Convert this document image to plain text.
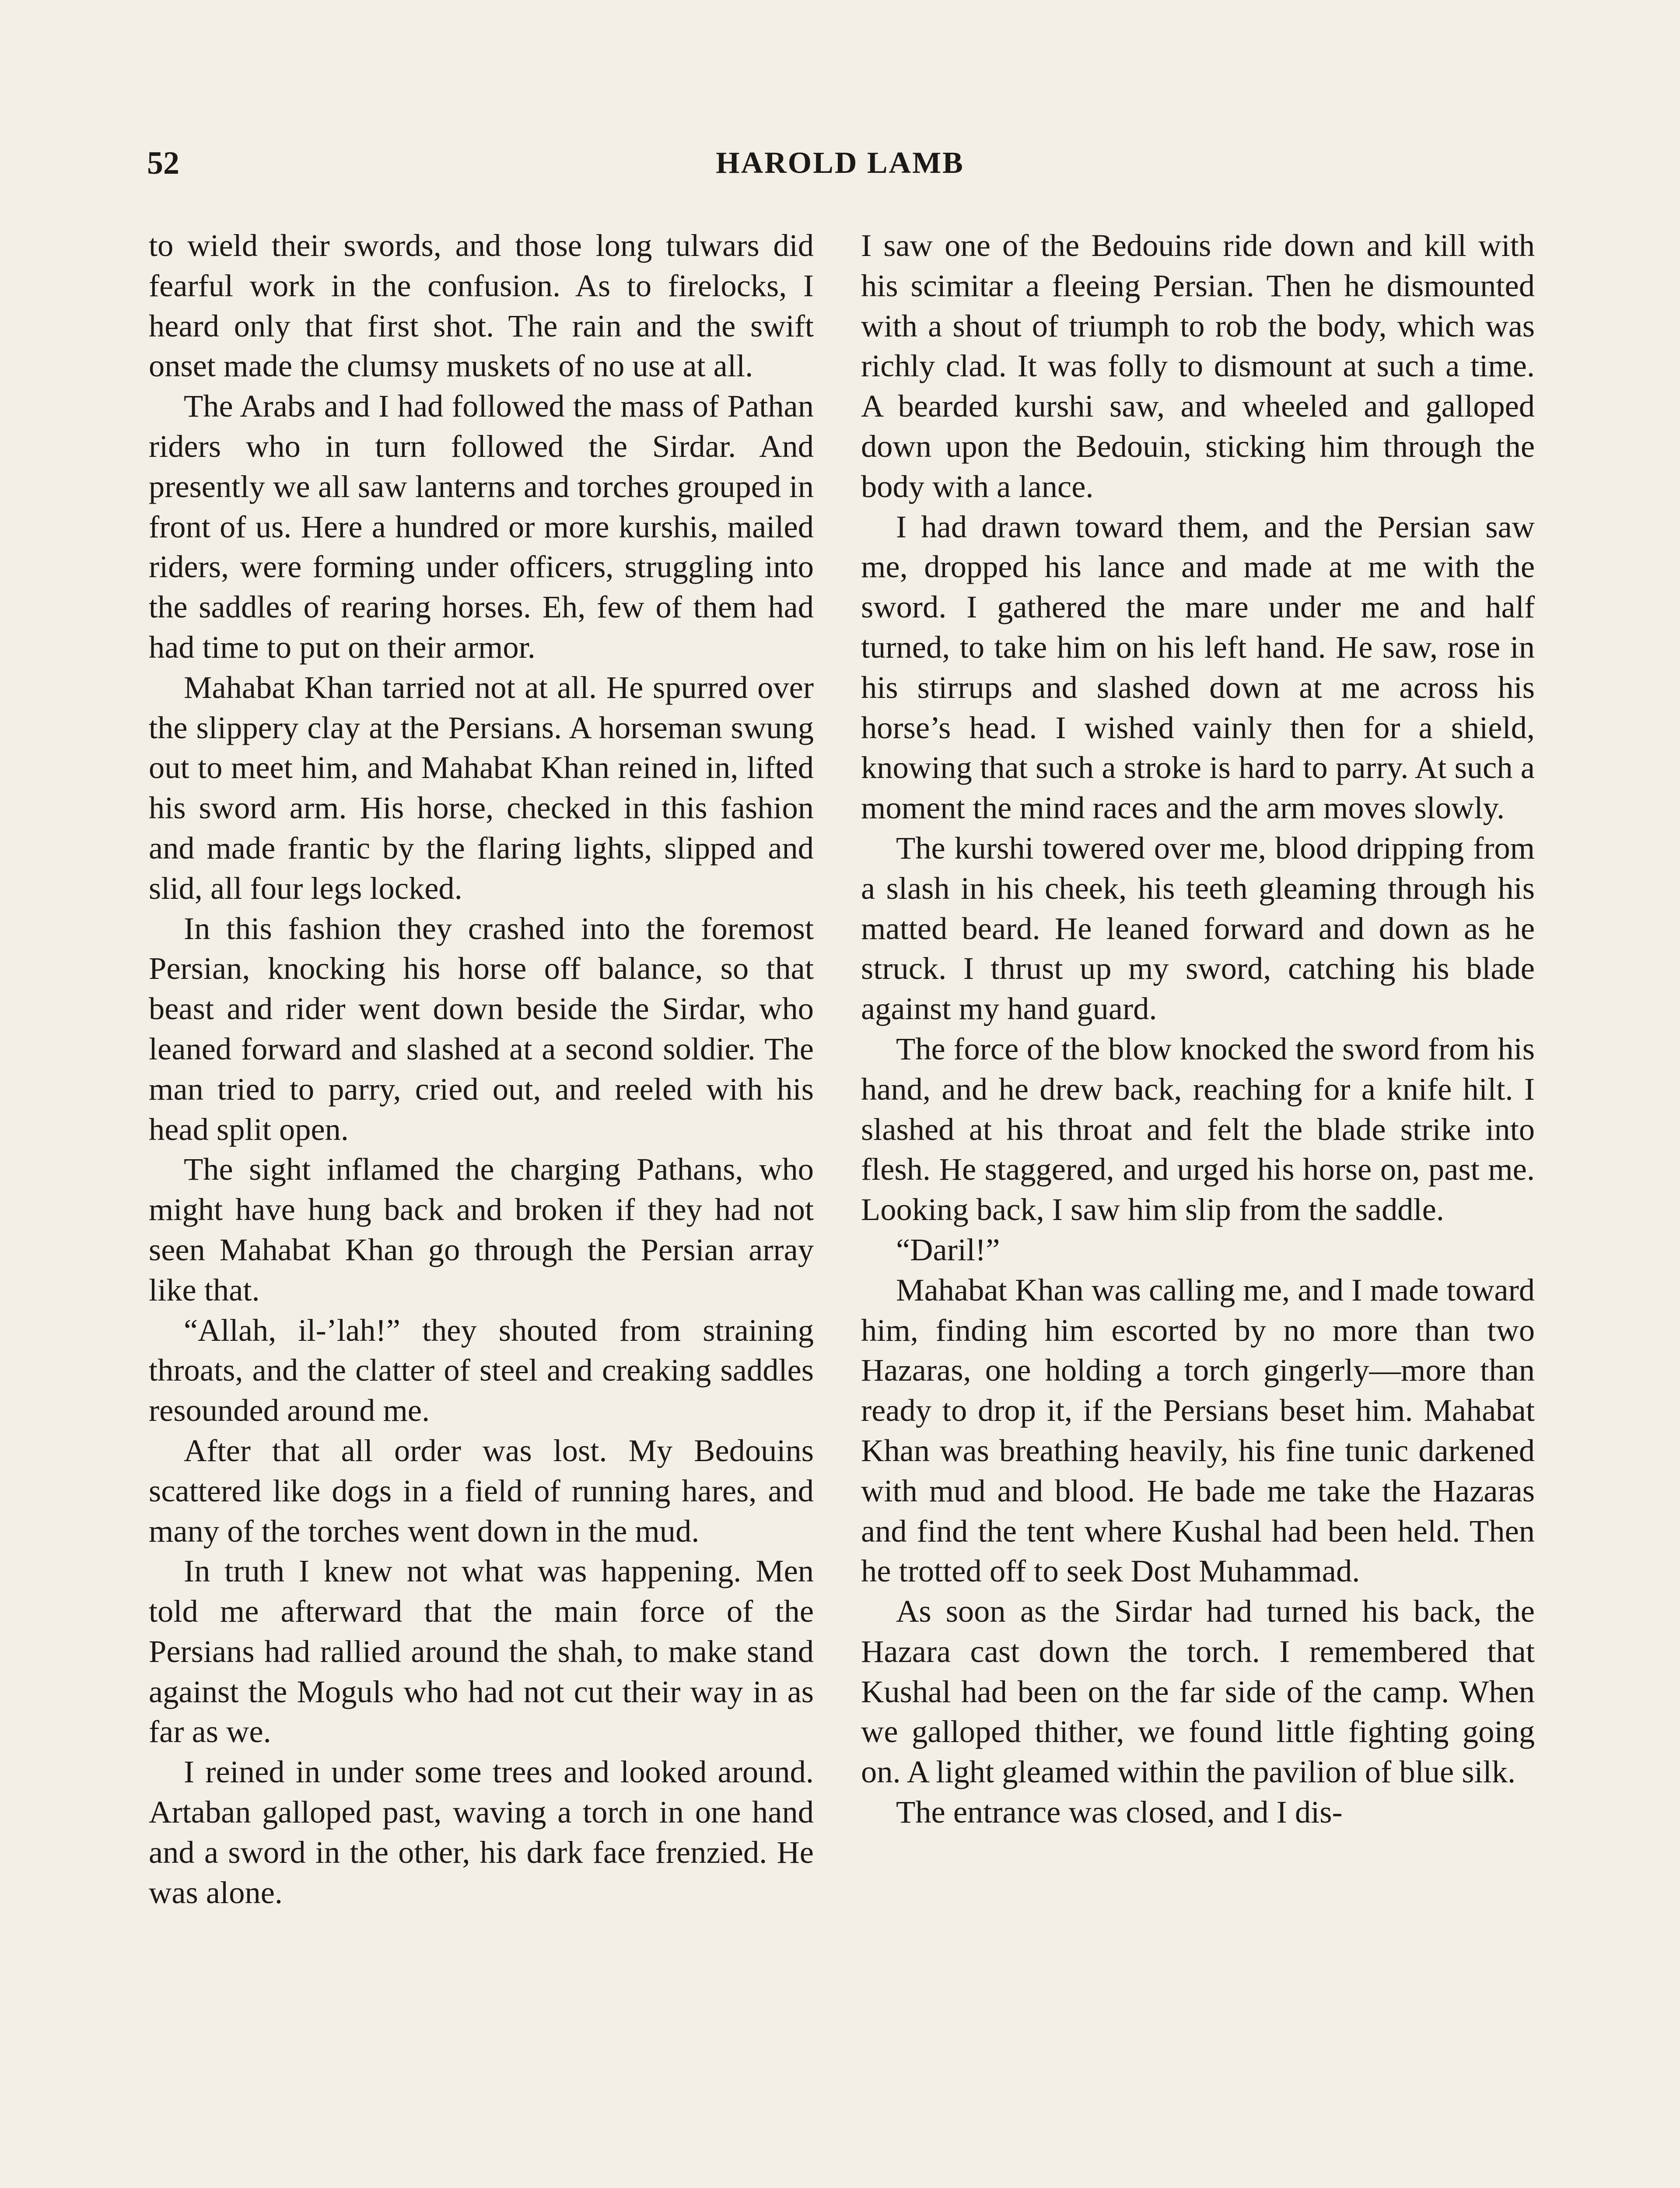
52	HAROLD LAMB

to wield their swords, and those long tulwars did fearful work in the confusion. As to firelocks, I heard only that first shot. The rain and the swift onset made the clumsy muskets of no use at all.

The Arabs and I had followed the mass of Pathan riders who in turn followed the Sirdar. And presently we all saw lanterns and torches grouped in front of us. Here a hundred or more kurshis, mailed riders, were forming under officers, struggling into the saddles of rearing horses. Eh, few of them had had time to put on their armor.

Mahabat Khan tarried not at all. He spurred over the slippery clay at the Persians. A horseman swung out to meet him, and Mahabat Khan reined in, lifted his sword arm. His horse, checked in this fashion and made frantic by the flaring lights, slipped and slid, all four legs locked.

In this fashion they crashed into the foremost Persian, knocking his horse off balance, so that beast and rider went down beside the Sirdar, who leaned forward and slashed at a second soldier. The man tried to parry, cried out, and reeled with his head split open.

The sight inflamed the charging Pathans, who might have hung back and broken if they had not seen Mahabat Khan go through the Persian array like that.

“Allah, il-’lah!” they shouted from straining throats, and the clatter of steel and creaking saddles resounded around me.

After that all order was lost. My Bedouins scattered like dogs in a field of running hares, and many of the torches went down in the mud.

In truth I knew not what was happening. Men told me afterward that the main force of the Persians had rallied around the shah, to make stand against the Moguls who had not cut their way in as far as we.

I reined in under some trees and looked around. Artaban galloped past, waving a torch in one hand and a sword in the other, his dark face frenzied. He was alone.

I saw one of the Bedouins ride down and kill with his scimitar a fleeing Persian. Then he dismounted with a shout of triumph to rob the body, which was richly clad. It was folly to dismount at such a time. A bearded kurshi saw, and wheeled and galloped down upon the Bedouin, sticking him through the body with a lance.

I had drawn toward them, and the Persian saw me, dropped his lance and made at me with the sword. I gathered the mare under me and half turned, to take him on his left hand. He saw, rose in his stirrups and slashed down at me across his horse’s head. I wished vainly then for a shield, knowing that such a stroke is hard to parry. At such a moment the mind races and the arm moves slowly.

The kurshi towered over me, blood dripping from a slash in his cheek, his teeth gleaming through his matted beard. He leaned forward and down as he struck. I thrust up my sword, catching his blade against my hand guard.

The force of the blow knocked the sword from his hand, and he drew back, reaching for a knife hilt. I slashed at his throat and felt the blade strike into flesh. He staggered, and urged his horse on, past me. Looking back, I saw him slip from the saddle.

“Daril!”

Mahabat Khan was calling me, and I made toward him, finding him escorted by no more than two Hazaras, one holding a torch gingerly—more than ready to drop it, if the Persians beset him. Mahabat Khan was breathing heavily, his fine tunic darkened with mud and blood. He bade me take the Hazaras and find the tent where Kushal had been held. Then he trotted off to seek Dost Muhammad.

As soon as the Sirdar had turned his back, the Hazara cast down the torch. I remembered that Kushal had been on the far side of the camp. When we galloped thither, we found little fighting going on. A light gleamed within the pavilion of blue silk.

The entrance was closed, and I dis-
